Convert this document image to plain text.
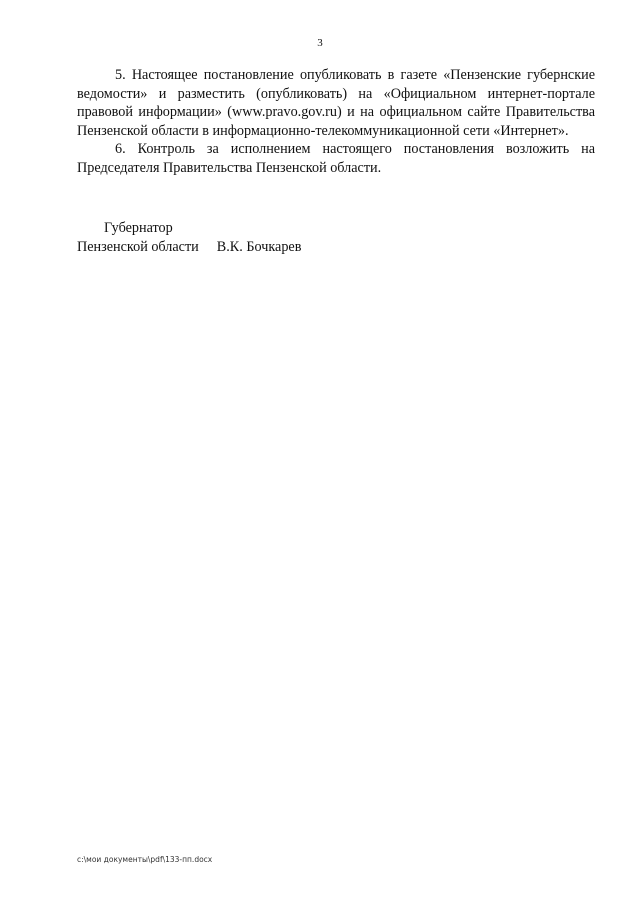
3

5. Настоящее постановление опубликовать в газете «Пензенские губернские ведомости» и разместить (опубликовать) на «Официальном интернет-портале правовой информации» (www.pravo.gov.ru) и на официальном сайте Правительства Пензенской области в информационно-телекоммуникационной сети «Интернет».

6. Контроль за исполнением настоящего постановления возложить на Председателя Правительства Пензенской области.

Губернатор
Пензенской области В.К. Бочкарев
c:\мои документы\pdf\133-пп.docx
